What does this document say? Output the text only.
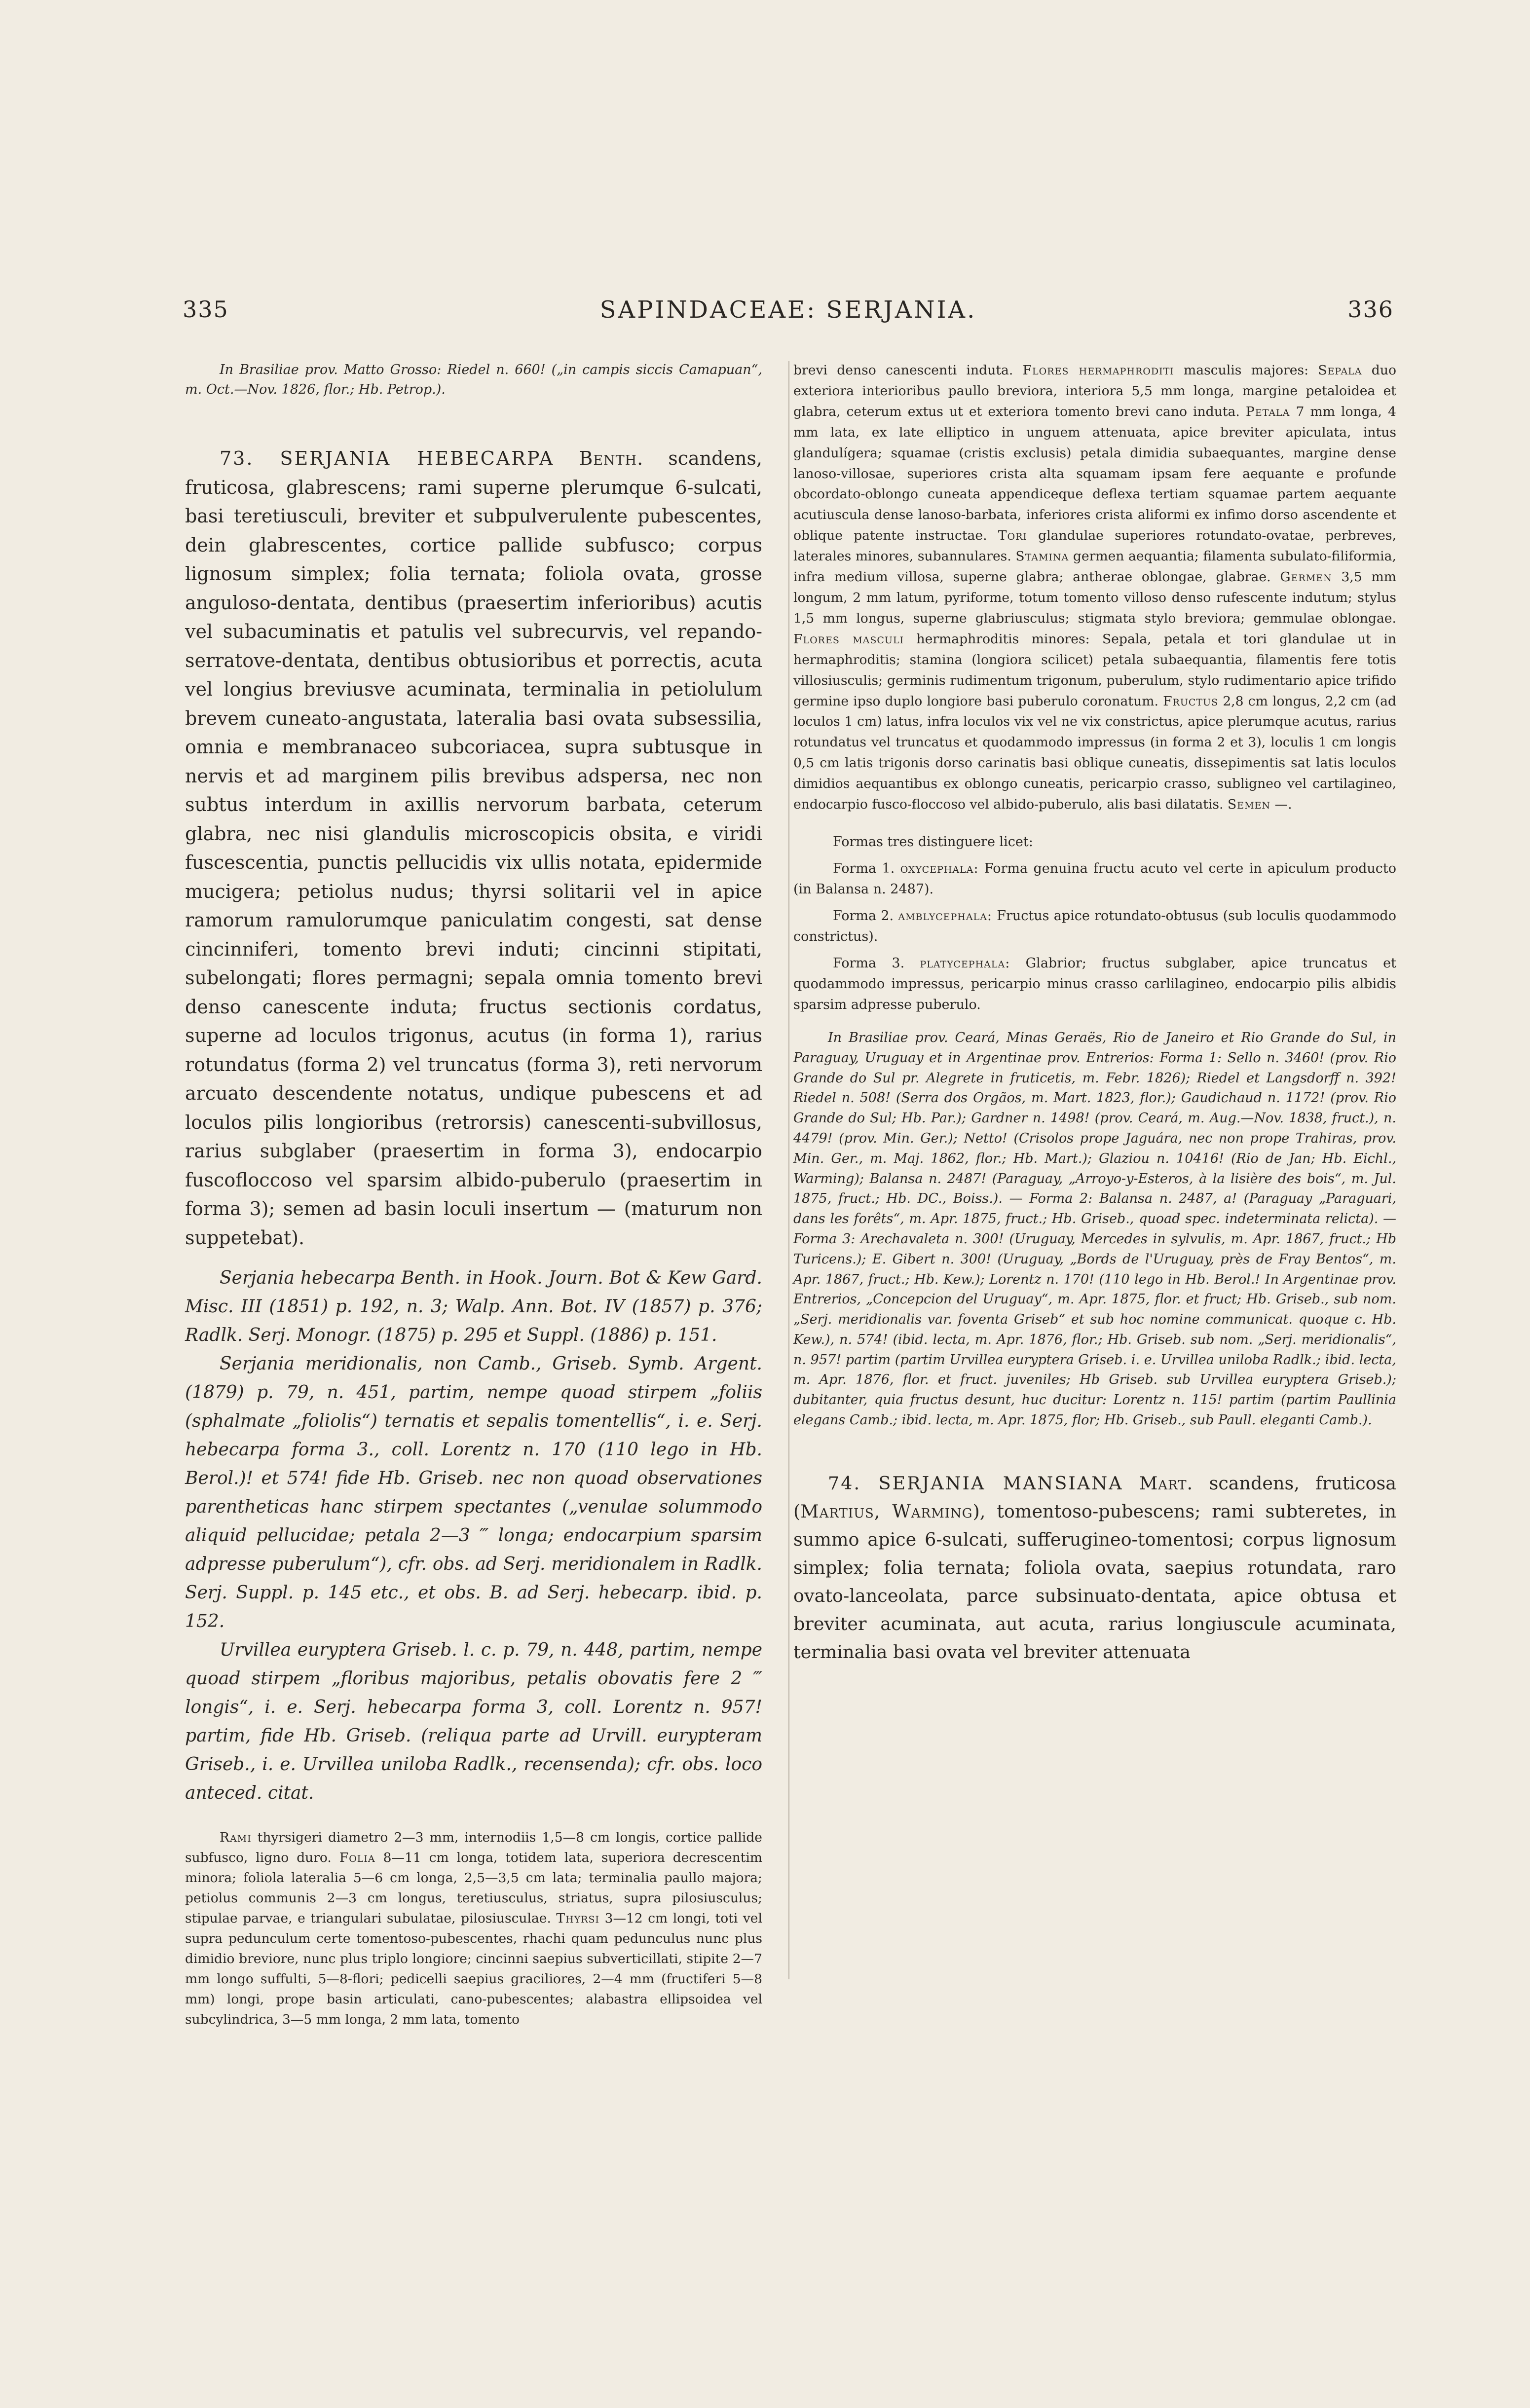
335	SAPINDACEAE: SERJANIA.	336

In Brasiliae prov. Matto Grosso: Riedel n. 660! („in campis siccis Camapuan“, m. Oct.—Nov. 1826, flor.; Hb. Petrop.).

73. SERJANIA HEBECARPA Benth. scandens, fruticosa, glabrescens; rami superne plerumque 6-sulcati, basi teretiusculi, breviter et subpulverulente pubescentes, dein glabrescentes, cortice pallide subfusco; corpus lignosum simplex; folia ternata; foliola ovata, grosse anguloso-dentata, dentibus (praesertim inferioribus) acutis vel subacuminatis et patulis vel subrecurvis, vel repando-serratove-dentata, dentibus obtusioribus et porrectis, acuta vel longius breviusve acuminata, terminalia in petiolulum brevem cuneato-angustata, lateralia basi ovata subsessilia, omnia e membranaceo subcoriacea, supra subtusque in nervis et ad marginem pilis brevibus adspersa, nec non subtus interdum in axillis nervorum barbata, ceterum glabra, nec nisi glandulis microscopicis obsita, e viridi fuscescentia, punctis pellucidis vix ullis notata, epidermide mucigera; petiolus nudus; thyrsi solitarii vel in apice ramorum ramulorumque paniculatim congesti, sat dense cincinniferi, tomento brevi induti; cincinni stipitati, subelongati; flores permagni; sepala omnia tomento brevi denso canescente induta; fructus sectionis cordatus, superne ad loculos trigonus, acutus (in forma 1), rarius rotundatus (forma 2) vel truncatus (forma 3), reti nervorum arcuato descendente notatus, undique pubescens et ad loculos pilis longioribus (retrorsis) canescenti-subvillosus, rarius subglaber (praesertim in forma 3), endocarpio fuscofloccoso vel sparsim albido-puberulo (praesertim in forma 3); semen ad basin loculi insertum — (maturum non suppetebat).

Serjania hebecarpa Benth. in Hook. Journ. Bot & Kew Gard. Misc. III (1851) p. 192, n. 3; Walp. Ann. Bot. IV (1857) p. 376; Radlk. Serj. Monogr. (1875) p. 295 et Suppl. (1886) p. 151.

Serjania meridionalis, non Camb., Griseb. Symb. Argent. (1879) p. 79, n. 451, partim, nempe quoad stirpem „foliis (sphalmate „foliolis“) ternatis et sepalis tomentellis“, i. e. Serj. hebecarpa forma 3., coll. Lorentz n. 170 (110 lego in Hb. Berol.)! et 574! fide Hb. Griseb. nec non quoad observationes parentheticas hanc stirpem spectantes („venulae solummodo aliquid pellucidae; petala 2—3 ‴ longa; endocarpium sparsim adpresse puberulum“), cfr. obs. ad Serj. meridionalem in Radlk. Serj. Suppl. p. 145 etc., et obs. B. ad Serj. hebecarp. ibid. p. 152.

Urvillea euryptera Griseb. l. c. p. 79, n. 448, partim, nempe quoad stirpem „floribus majoribus, petalis obovatis fere 2 ‴ longis“, i. e. Serj. hebecarpa forma 3, coll. Lorentz n. 957! partim, fide Hb. Griseb. (reliqua parte ad Urvill. eurypteram Griseb., i. e. Urvillea uniloba Radlk., recensenda); cfr. obs. loco anteced. citat.

Rami thyrsigeri diametro 2—3 mm, internodiis 1,5—8 cm longis, cortice pallide subfusco, ligno duro. Folia 8—11 cm longa, totidem lata, superiora decrescentim minora; foliola lateralia 5—6 cm longa, 2,5—3,5 cm lata; terminalia paullo majora; petiolus communis 2—3 cm longus, teretiusculus, striatus, supra pilosiusculus; stipulae parvae, e triangulari subulatae, pilosiusculae. Thyrsi 3—12 cm longi, toti vel supra pedunculum certe tomentoso-pubescentes, rhachi quam pedunculus nunc plus dimidio breviore, nunc plus triplo longiore; cincinni saepius subverticillati, stipite 2—7 mm longo suffulti, 5—8-flori; pedicelli saepius graciliores, 2—4 mm (fructiferi 5—8 mm) longi, prope basin articulati, cano-pubescentes; alabastra ellipsoidea vel subcylindrica, 3—5 mm longa, 2 mm lata, tomento

brevi denso canescenti induta. Flores hermaphroditi masculis majores: Sepala duo exteriora interioribus paullo breviora, interiora 5,5 mm longa, margine petaloidea et glabra, ceterum extus ut et exteriora tomento brevi cano induta. Petala 7 mm longa, 4 mm lata, ex late elliptico in unguem attenuata, apice breviter apiculata, intus glandulígera; squamae (cristis exclusis) petala dimidia subaequantes, margine dense lanoso-villosae, superiores crista alta squamam ipsam fere aequante e profunde obcordato-oblongo cuneata appendiceque deflexa tertiam squamae partem aequante acutiuscula dense lanoso-barbata, inferiores crista aliformi ex infimo dorso ascendente et oblique patente instructae. Tori glandulae superiores rotundato-ovatae, perbreves, laterales minores, subannulares. Stamina germen aequantia; filamenta subulato-filiformia, infra medium villosa, superne glabra; antherae oblongae, glabrae. Germen 3,5 mm longum, 2 mm latum, pyriforme, totum tomento villoso denso rufescente indutum; stylus 1,5 mm longus, superne glabriusculus; stigmata stylo breviora; gemmulae oblongae. Flores masculi hermaphroditis minores: Sepala, petala et tori glandulae ut in hermaphroditis; stamina (longiora scilicet) petala subaequantia, filamentis fere totis villosiusculis; germinis rudimentum trigonum, puberulum, stylo rudimentario apice trifido germine ipso duplo longiore basi puberulo coronatum. Fructus 2,8 cm longus, 2,2 cm (ad loculos 1 cm) latus, infra loculos vix vel ne vix constrictus, apice plerumque acutus, rarius rotundatus vel truncatus et quodammodo impressus (in forma 2 et 3), loculis 1 cm longis 0,5 cm latis trigonis dorso carinatis basi oblique cuneatis, dissepimentis sat latis loculos dimidios aequantibus ex oblongo cuneatis, pericarpio crasso, subligneo vel cartilagineo, endocarpio fusco-floccoso vel albido-puberulo, alis basi dilatatis. Semen —.

Formas tres distinguere licet:

Forma 1. oxycephala: Forma genuina fructu acuto vel certe in apiculum producto (in Balansa n. 2487).

Forma 2. amblycephala: Fructus apice rotundato-obtusus (sub loculis quodammodo constrictus).

Forma 3. platycephala: Glabrior; fructus subglaber, apice truncatus et quodammodo impressus, pericarpio minus crasso carlilagineo, endocarpio pilis albidis sparsim adpresse puberulo.

In Brasiliae prov. Ceará, Minas Geraës, Rio de Janeiro et Rio Grande do Sul, in Paraguay, Uruguay et in Argentinae prov. Entrerios: Forma 1: Sello n. 3460! (prov. Rio Grande do Sul pr. Alegrete in fruticetis, m. Febr. 1826); Riedel et Langsdorff n. 392! Riedel n. 508! (Serra dos Orgãos, m. Mart. 1823, flor.); Gaudichaud n. 1172! (prov. Rio Grande do Sul; Hb. Par.); Gardner n. 1498! (prov. Ceará, m. Aug.—Nov. 1838, fruct.), n. 4479! (prov. Min. Ger.); Netto! (Crisolos prope Jaguára, nec non prope Trahiras, prov. Min. Ger., m. Maj. 1862, flor.; Hb. Mart.); Glaziou n. 10416! (Rio de Jan; Hb. Eichl., Warming); Balansa n. 2487! (Paraguay, „Arroyo-y-Esteros, à la lisière des bois“, m. Jul. 1875, fruct.; Hb. DC., Boiss.). — Forma 2: Balansa n. 2487, a! (Paraguay „Paraguari, dans les forêts“, m. Apr. 1875, fruct.; Hb. Griseb., quoad spec. indeterminata relicta). — Forma 3: Arechavaleta n. 300! (Uruguay, Mercedes in sylvulis, m. Apr. 1867, fruct.; Hb Turicens.); E. Gibert n. 300! (Uruguay, „Bords de l'Uruguay, près de Fray Bentos“, m. Apr. 1867, fruct.; Hb. Kew.); Lorentz n. 170! (110 lego in Hb. Berol.! In Argentinae prov. Entrerios, „Concepcion del Uruguay“, m. Apr. 1875, flor. et fruct; Hb. Griseb., sub nom. „Serj. meridionalis var. foventa Griseb“ et sub hoc nomine communicat. quoque c. Hb. Kew.), n. 574! (ibid. lecta, m. Apr. 1876, flor.; Hb. Griseb. sub nom. „Serj. meridionalis“, n. 957! partim (partim Urvillea euryptera Griseb. i. e. Urvillea uniloba Radlk.; ibid. lecta, m. Apr. 1876, flor. et fruct. juveniles; Hb Griseb. sub Urvillea euryptera Griseb.); dubitanter, quia fructus desunt, huc ducitur: Lorentz n. 115! partim (partim Paullinia elegans Camb.; ibid. lecta, m. Apr. 1875, flor; Hb. Griseb., sub Paull. eleganti Camb.).

74. SERJANIA MANSIANA Mart. scandens, fruticosa (Martius, Warming), tomentoso-pubescens; rami subteretes, in summo apice 6-sulcati, sufferugineo-tomentosi; corpus lignosum simplex; folia ternata; foliola ovata, saepius rotundata, raro ovato-lanceolata, parce subsinuato-dentata, apice obtusa et breviter acuminata, aut acuta, rarius longiuscule acuminata, terminalia basi ovata vel breviter attenuata
